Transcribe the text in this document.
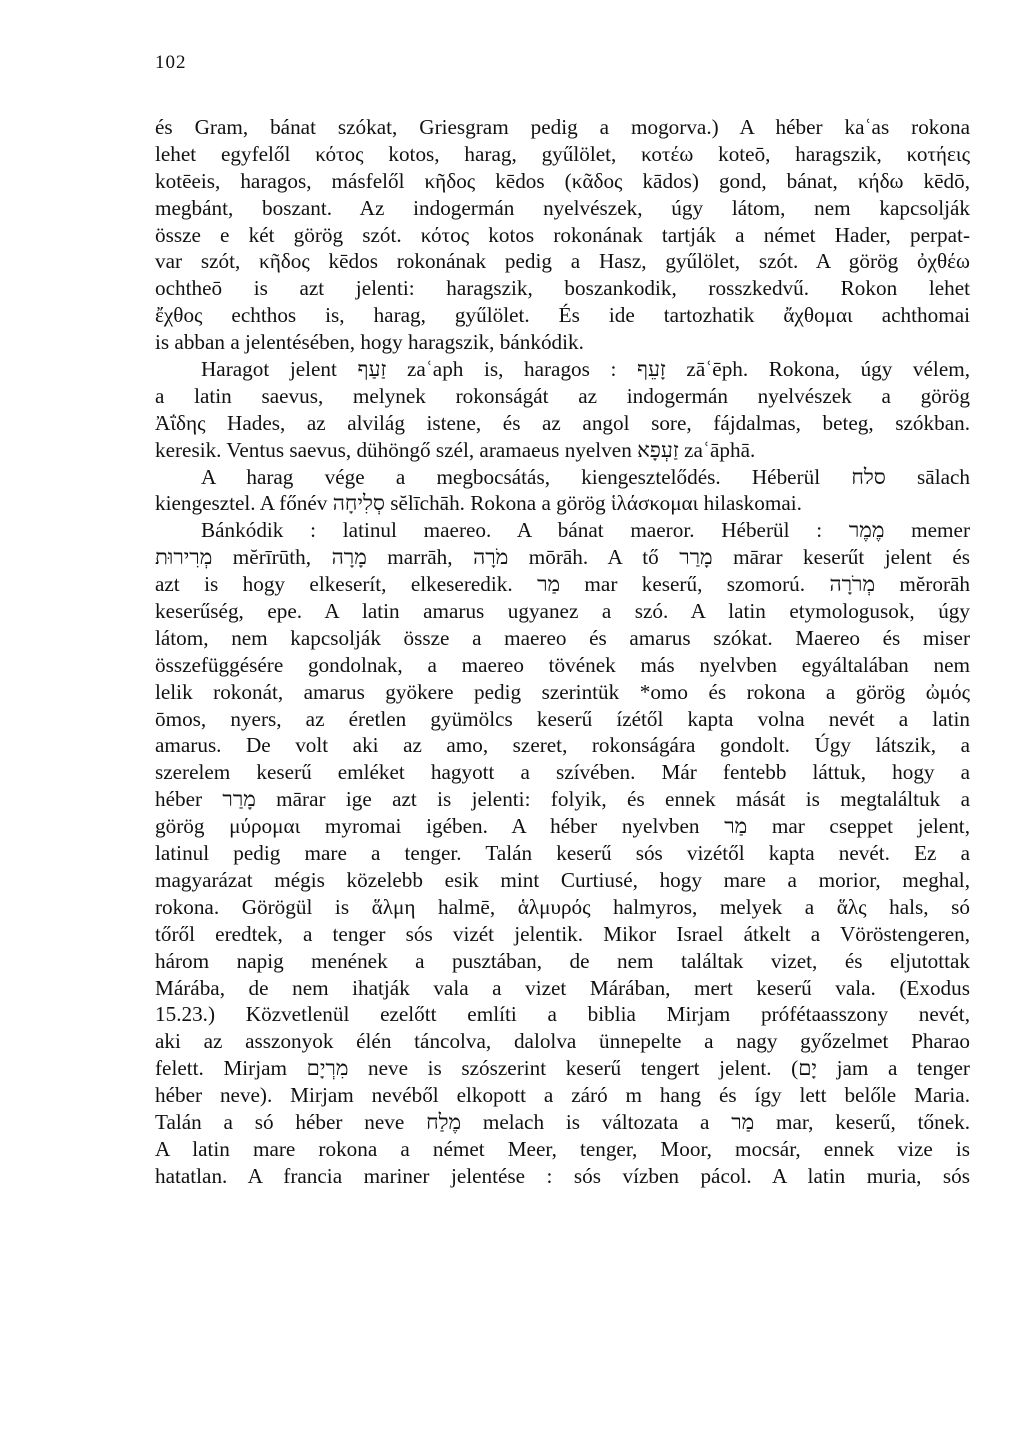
102
és Gram, bánat szókat, Griesgram pedig a mogorva.) A héber kaʿas rokona
lehet egyfelől κότος kotos, harag, gyűlölet, κοτέω koteō, haragszik, κοτήεις
kotēeis, haragos, másfelől κῆδος kēdos (κᾶδος kādos) gond, bánat, κήδω kēdō,
megbánt, boszant. Az indogermán nyelvészek, úgy látom, nem kapcsolják
össze e két görög szót. κότος kotos rokonának tartják a német Hader, perpat-
var szót, κῆδος kēdos rokonának pedig a Hasz, gyűlölet, szót. A görög ὀχθέω
ochtheō is azt jelenti: haragszik, boszankodik, rosszkedvű. Rokon lehet
ἔχθος echthos is, harag, gyűlölet. És ide tartozhatik ἄχθομαι achthomai
is abban a jelentésében, hogy haragszik, bánkódik.
Haragot jelent זַעַף zaʿaph is, haragos : זָעֵף zāʿēph. Rokona, úgy vélem,
a latin saevus, melynek rokonságát az indogermán nyelvészek a görög
Ἀΐδης Hades, az alvilág istene, és az angol sore, fájdalmas, beteg, szókban.
keresik. Ventus saevus, dühöngő szél, aramaeus nyelven זַעְפָא zaʿāphā.
A harag vége a megbocsátás, kiengesztelődés. Héberül סלח sālach
kiengesztel. A főnév סְלִיחָה sĕlīchāh. Rokona a görög ἱλάσκομαι hilaskomai.
Bánkódik : latinul maereo. A bánat maeror. Héberül : מֶמֶר memer
מְרִירוּת mĕrīrūth, מָרָה marrāh, מֹרָה mōrāh. A tő מָרַר mārar keserűt jelent és
azt is hogy elkeserít, elkeseredik. מַר mar keserű, szomorú. מְרֹרָה mĕrorāh
keserűség, epe. A latin amarus ugyanez a szó. A latin etymologusok, úgy
látom, nem kapcsolják össze a maereo és amarus szókat. Maereo és miser
összefüggésére gondolnak, a maereo tövének más nyelvben egyáltalában nem
lelik rokonát, amarus gyökere pedig szerintük *omo és rokona a görög ὠμός
ōmos, nyers, az éretlen gyümölcs keserű ízétől kapta volna nevét a latin
amarus. De volt aki az amo, szeret, rokonságára gondolt. Úgy látszik, a
szerelem keserű emléket hagyott a szívében. Már fentebb láttuk, hogy a
héber מָרַר mārar ige azt is jelenti: folyik, és ennek mását is megtaláltuk a
görög μύρομαι myromai igében. A héber nyelvben מַר mar cseppet jelent,
latinul pedig mare a tenger. Talán keserű sós vizétől kapta nevét. Ez a
magyarázat mégis közelebb esik mint Curtiusé, hogy mare a morior, meghal,
rokona. Görögül is ἅλμη halmē, ἁλμυρός halmyros, melyek a ἅλς hals, só
tőről eredtek, a tenger sós vizét jelentik. Mikor Israel átkelt a Vöröstengeren,
három napig menének a pusztában, de nem találtak vizet, és eljutottak
Márába, de nem ihatják vala a vizet Márában, mert keserű vala. (Exodus
15.23.) Közvetlenül ezelőtt említi a biblia Mirjam prófétaasszony nevét,
aki az asszonyok élén táncolva, dalolva ünnepelte a nagy győzelmet Pharao
felett. Mirjam מִרְיָם neve is szószerint keserű tengert jelent. (יָם jam a tenger
héber neve). Mirjam nevéből elkopott a záró m hang és így lett belőle Maria.
Talán a só héber neve מֶלַח melach is változata a מַר mar, keserű, tőnek.
A latin mare rokona a német Meer, tenger, Moor, mocsár, ennek vize is
hatatlan. A francia mariner jelentése : sós vízben pácol. A latin muria, sós
